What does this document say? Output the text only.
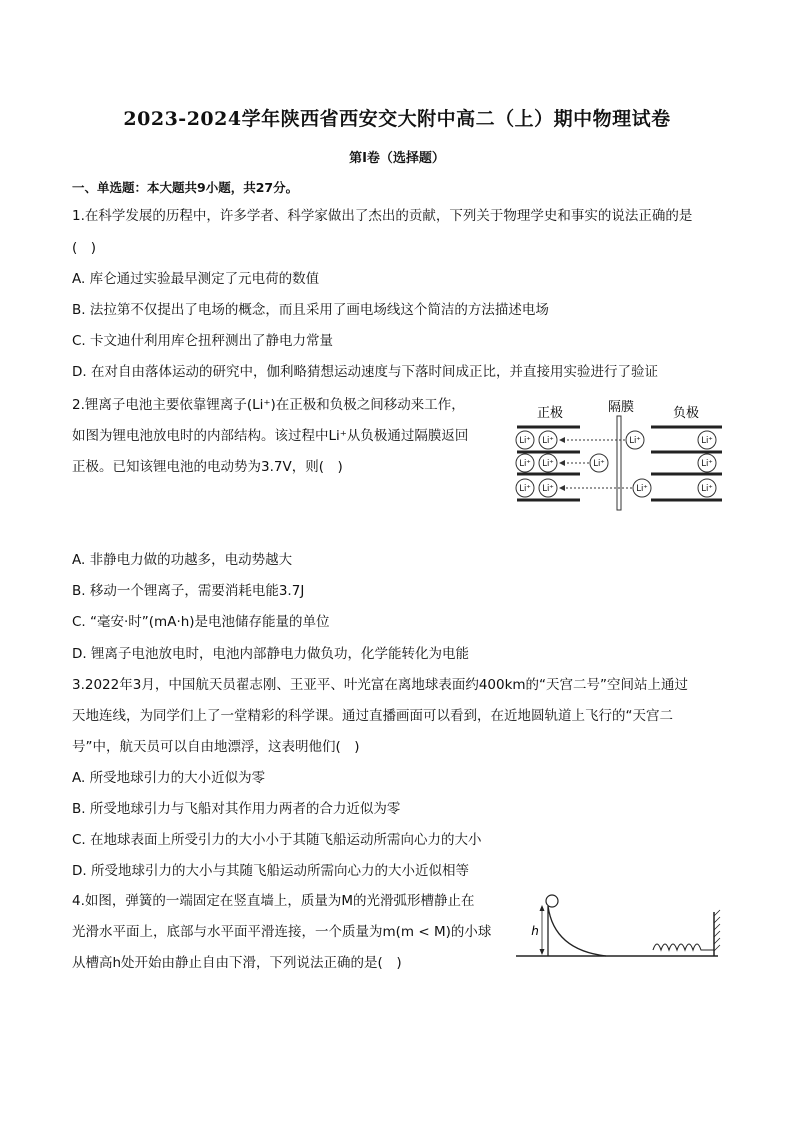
2023-2024学年陕西省西安交大附中高二（上）期中物理试卷
第I卷（选择题）
一、单选题：本大题共9小题，共27分。
1.在科学发展的历程中，许多学者、科学家做出了杰出的贡献，下列关于物理学史和事实的说法正确的是
(　)
A. 库仑通过实验最早测定了元电荷的数值
B. 法拉第不仅提出了电场的概念，而且采用了画电场线这个简洁的方法描述电场
C. 卡文迪什利用库仑扭秤测出了静电力常量
D. 在对自由落体运动的研究中，伽利略猜想运动速度与下落时间成正比，并直接用实验进行了验证
2.锂离子电池主要依靠锂离子(Li⁺)在正极和负极之间移动来工作，
如图为锂电池放电时的内部结构。该过程中Li⁺从负极通过隔膜返回
正极。已知该锂电池的电动势为3.7V，则(　)
正极	隔膜	负极
Li⁺ Li⁺
Li⁺ Li⁺
Li⁺ Li⁺
Li⁺
Li⁺
Li⁺
Li⁺
Li⁺
Li⁺
A. 非静电力做的功越多，电动势越大
B. 移动一个锂离子，需要消耗电能3.7J
C. “毫安·时”(mA·h)是电池储存能量的单位
D. 锂离子电池放电时，电池内部静电力做负功，化学能转化为电能
3.2022年3月，中国航天员翟志刚、王亚平、叶光富在离地球表面约400km的“天宫二号”空间站上通过
天地连线，为同学们上了一堂精彩的科学课。通过直播画面可以看到，在近地圆轨道上飞行的“天宫二
号”中，航天员可以自由地漂浮，这表明他们(　)
A. 所受地球引力的大小近似为零
B. 所受地球引力与飞船对其作用力两者的合力近似为零
C. 在地球表面上所受引力的大小小于其随飞船运动所需向心力的大小
D. 所受地球引力的大小与其随飞船运动所需向心力的大小近似相等
4.如图，弹簧的一端固定在竖直墙上，质量为M的光滑弧形槽静止在
光滑水平面上，底部与水平面平滑连接，一个质量为m(m < M)的小球
从槽高h处开始由静止自由下滑，下列说法正确的是(　)
h
